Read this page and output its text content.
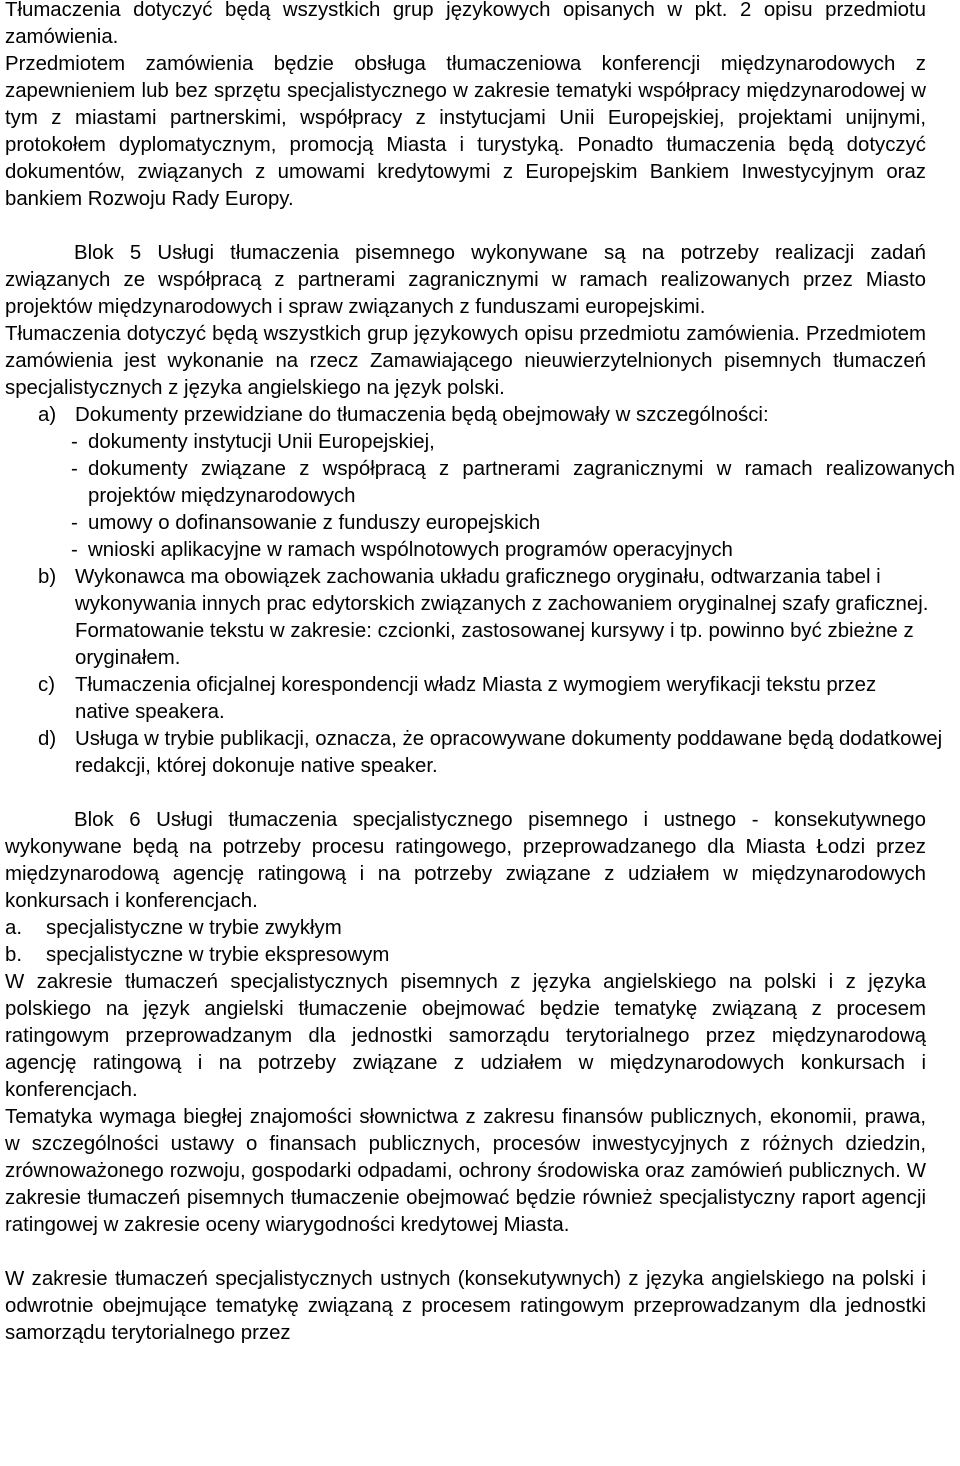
Tłumaczenia dotyczyć będą wszystkich grup językowych opisanych w pkt. 2 opisu przedmiotu zamówienia.

Przedmiotem zamówienia będzie obsługa tłumaczeniowa konferencji międzynarodowych z zapewnieniem lub bez sprzętu specjalistycznego w zakresie tematyki współpracy międzynarodowej w tym z miastami partnerskimi, współpracy z instytucjami Unii Europejskiej, projektami unijnymi, protokołem dyplomatycznym, promocją Miasta i turystyką. Ponadto tłumaczenia będą dotyczyć dokumentów, związanych z umowami kredytowymi z Europejskim Bankiem Inwestycyjnym oraz bankiem Rozwoju Rady Europy.

Blok 5 Usługi tłumaczenia pisemnego wykonywane są na potrzeby realizacji zadań związanych ze współpracą z partnerami zagranicznymi w ramach realizowanych przez Miasto projektów międzynarodowych i spraw związanych z funduszami europejskimi.

Tłumaczenia dotyczyć będą wszystkich grup językowych opisu przedmiotu zamówienia. Przedmiotem zamówienia jest wykonanie na rzecz Zamawiającego nieuwierzytelnionych pisemnych tłumaczeń specjalistycznych z języka angielskiego na język polski.

a) Dokumenty przewidziane do tłumaczenia będą obejmowały w szczególności:
- dokumenty instytucji Unii Europejskiej,
- dokumenty związane z współpracą z partnerami zagranicznymi w ramach realizowanych projektów międzynarodowych
- umowy o dofinansowanie z funduszy europejskich
- wnioski aplikacyjne w ramach wspólnotowych programów operacyjnych
b) Wykonawca ma obowiązek zachowania układu graficznego oryginału, odtwarzania tabel i wykonywania innych prac edytorskich związanych z zachowaniem oryginalnej szafy graficznej. Formatowanie tekstu w zakresie: czcionki, zastosowanej kursywy i tp. powinno być zbieżne z oryginałem.
c) Tłumaczenia oficjalnej korespondencji władz Miasta z wymogiem weryfikacji tekstu przez native speakera.
d) Usługa w trybie publikacji, oznacza, że opracowywane dokumenty poddawane będą dodatkowej redakcji, której dokonuje native speaker.

Blok 6 Usługi tłumaczenia specjalistycznego pisemnego i ustnego - konsekutywnego wykonywane będą na potrzeby procesu ratingowego, przeprowadzanego dla Miasta Łodzi przez międzynarodową agencję ratingową i na potrzeby związane z udziałem w międzynarodowych konkursach i konferencjach.

a. specjalistyczne w trybie zwykłym
b. specjalistyczne w trybie ekspresowym

W zakresie tłumaczeń specjalistycznych pisemnych z języka angielskiego na polski i z języka polskiego na język angielski tłumaczenie obejmować będzie tematykę związaną z procesem ratingowym przeprowadzanym dla jednostki samorządu terytorialnego przez międzynarodową agencję ratingową i na potrzeby związane z udziałem w międzynarodowych konkursach i konferencjach.

Tematyka wymaga biegłej znajomości słownictwa z zakresu finansów publicznych, ekonomii, prawa, w szczególności ustawy o finansach publicznych, procesów inwestycyjnych z różnych dziedzin, zrównoważonego rozwoju, gospodarki odpadami, ochrony środowiska oraz zamówień publicznych. W zakresie tłumaczeń pisemnych tłumaczenie obejmować będzie również specjalistyczny raport agencji ratingowej w zakresie oceny wiarygodności kredytowej Miasta.

W zakresie tłumaczeń specjalistycznych ustnych (konsekutywnych) z języka angielskiego na polski i odwrotnie obejmujące tematykę związaną z procesem ratingowym przeprowadzanym dla jednostki samorządu terytorialnego przez
